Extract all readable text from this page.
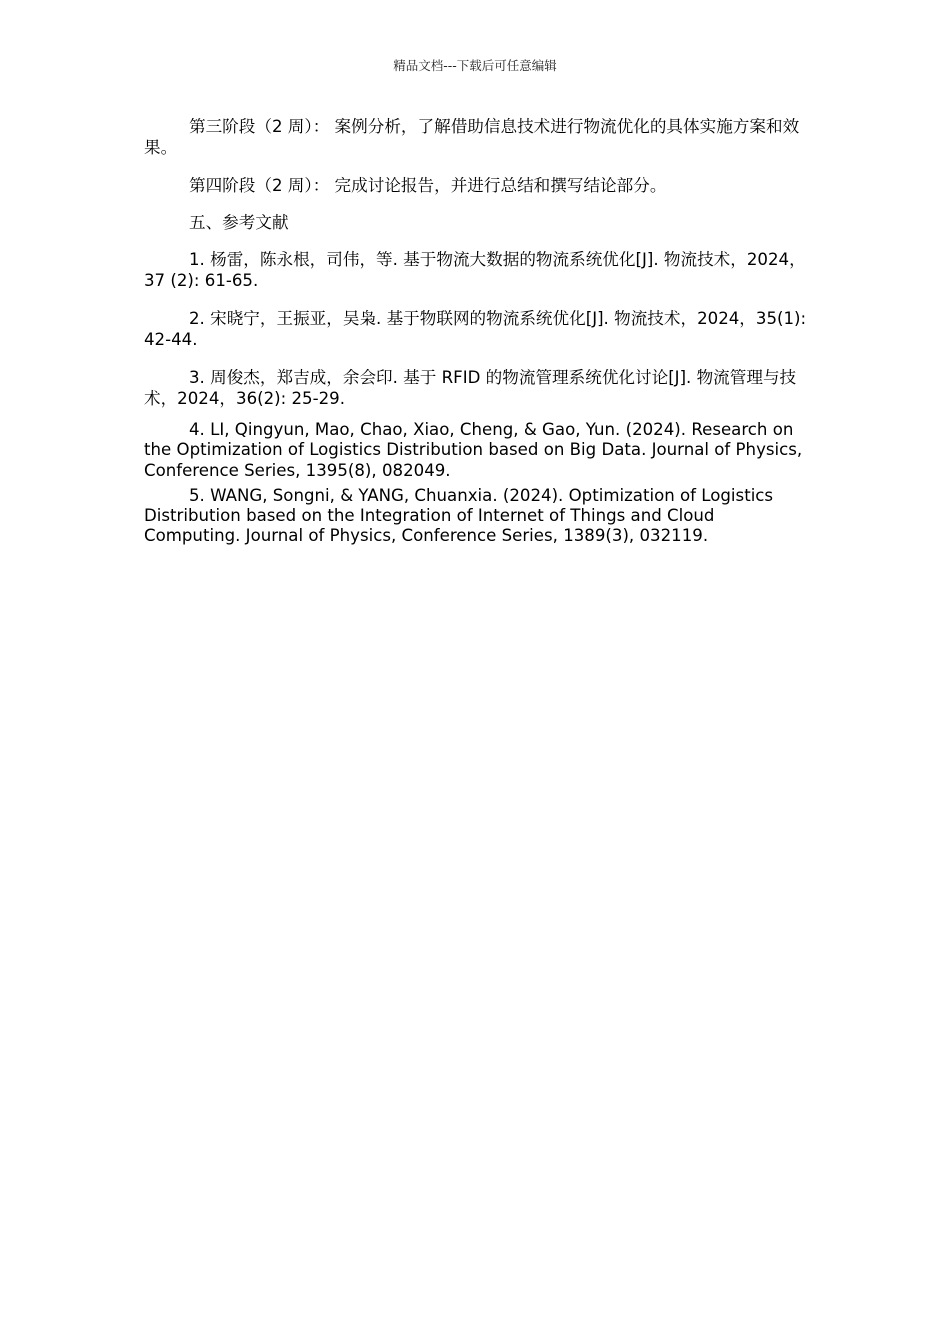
精品文档---下载后可任意编辑

第三阶段（2 周）： 案例分析，了解借助信息技术进行物流优化的具体实施方案和效果。

第四阶段（2 周）： 完成讨论报告，并进行总结和撰写结论部分。

五、参考文献

1. 杨雷，陈永根，司伟，等. 基于物流大数据的物流系统优化[J]. 物流技术，2024，37 (2): 61-65.

2. 宋晓宁，王振亚，吴枭. 基于物联网的物流系统优化[J]. 物流技术，2024，35(1): 42-44.

3. 周俊杰，郑吉成，余会印. 基于 RFID 的物流管理系统优化讨论[J]. 物流管理与技术，2024，36(2): 25-29.

4. LI, Qingyun, Mao, Chao, Xiao, Cheng, & Gao, Yun. (2024). Research on the Optimization of Logistics Distribution based on Big Data. Journal of Physics, Conference Series, 1395(8), 082049.

5. WANG, Songni, & YANG, Chuanxia. (2024). Optimization of Logistics Distribution based on the Integration of Internet of Things and Cloud Computing. Journal of Physics, Conference Series, 1389(3), 032119.
